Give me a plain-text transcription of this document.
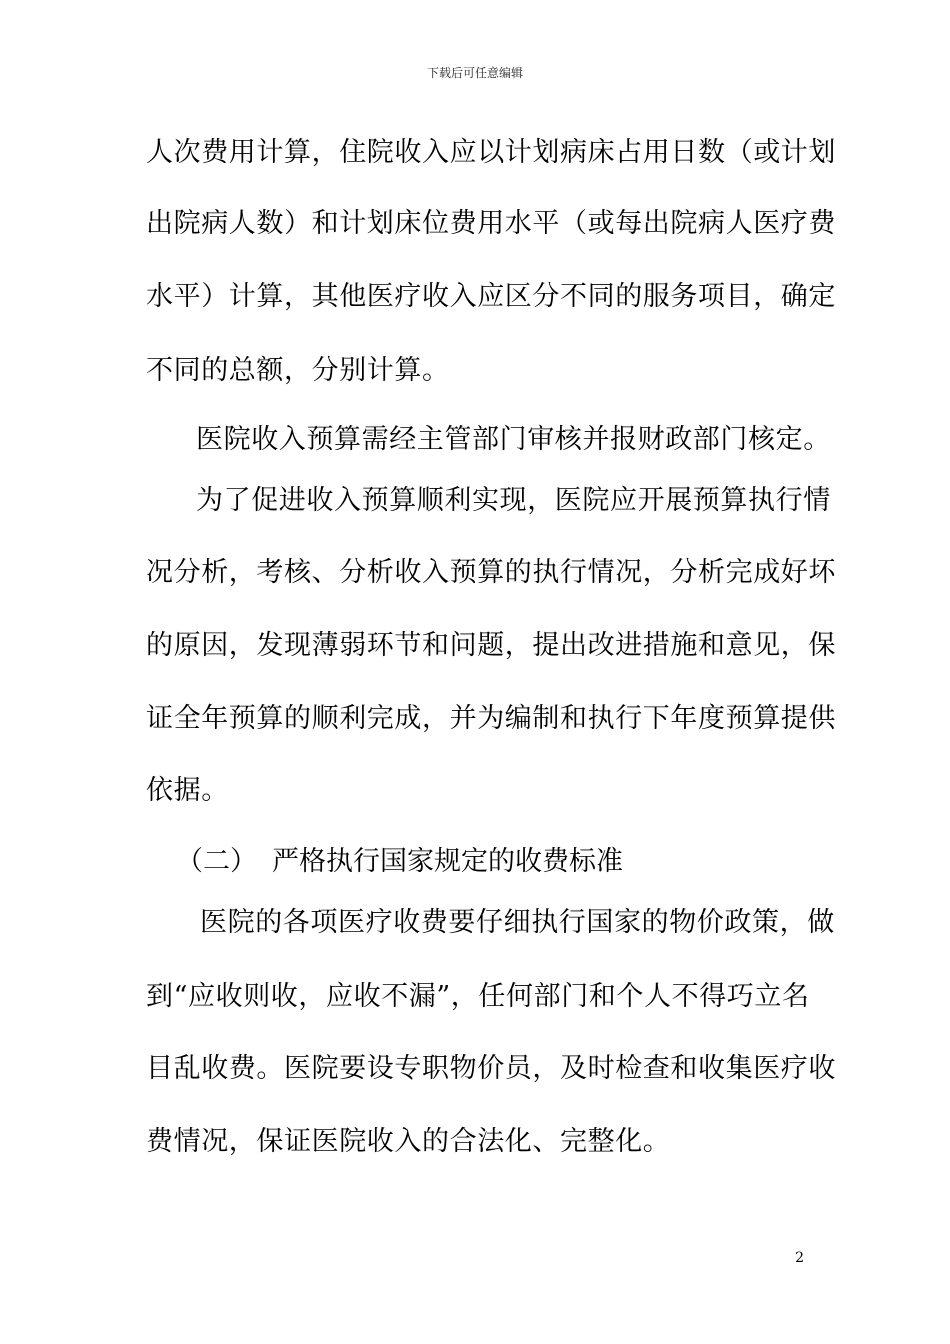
下载后可任意编辑
人次费用计算，住院收入应以计划病床占用日数（或计划
出院病人数）和计划床位费用水平（或每出院病人医疗费
水平）计算，其他医疗收入应区分不同的服务项目，确定
不同的总额，分别计算。
医院收入预算需经主管部门审核并报财政部门核定。
为了促进收入预算顺利实现，医院应开展预算执行情
况分析，考核、分析收入预算的执行情况，分析完成好坏
的原因，发现薄弱环节和问题，提出改进措施和意见，保
证全年预算的顺利完成，并为编制和执行下年度预算提供
依据。
（二） 严格执行国家规定的收费标准
医院的各项医疗收费要仔细执行国家的物价政策，做
到“应收则收，应收不漏”，任何部门和个人不得巧立名
目乱收费。医院要设专职物价员，及时检查和收集医疗收
费情况，保证医院收入的合法化、完整化。
2
